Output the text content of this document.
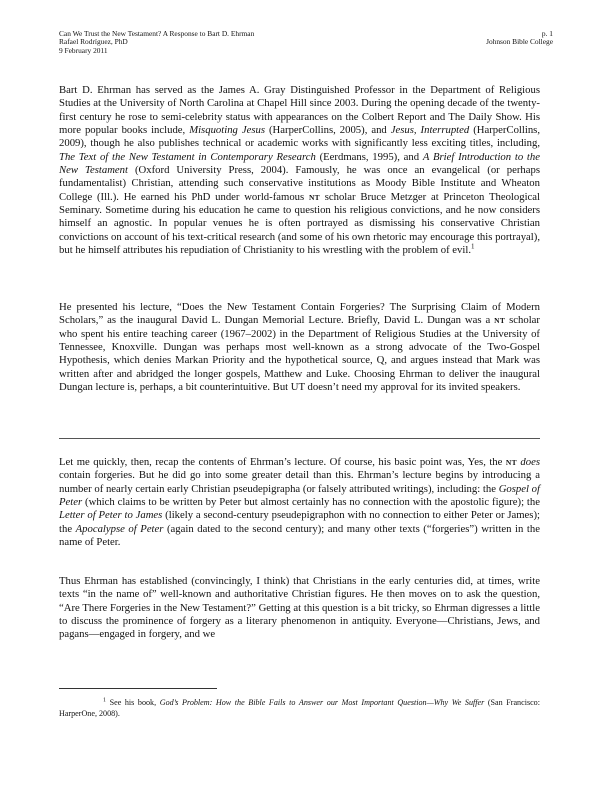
Can We Trust the New Testament? A Response to Bart D. Ehrman
Rafael Rodríguez, PhD
9 February 2011
p. 1
Johnson Bible College

Bart D. Ehrman has served as the James A. Gray Distinguished Professor in the Department of Religious Studies at the University of North Carolina at Chapel Hill since 2003. During the opening decade of the twenty-first century he rose to semi-celebrity status with appearances on the Colbert Report and The Daily Show. His more popular books include, Misquoting Jesus (HarperCollins, 2005), and Jesus, Interrupted (HarperCollins, 2009), though he also publishes technical or academic works with significantly less exciting titles, including, The Text of the New Testament in Contemporary Research (Eerdmans, 1995), and A Brief Introduction to the New Testament (Oxford University Press, 2004). Famously, he was once an evangelical (or perhaps fundamentalist) Christian, attending such conservative institutions as Moody Bible Institute and Wheaton College (Ill.). He earned his PhD under world-famous NT scholar Bruce Metzger at Princeton Theological Seminary. Sometime during his education he came to question his religious convictions, and he now considers himself an agnostic. In popular venues he is often portrayed as dismissing his conservative Christian convictions on account of his text-critical research (and some of his own rhetoric may encourage this portrayal), but he himself attributes his repudiation of Christianity to his wrestling with the problem of evil.$^1$

He presented his lecture, “Does the New Testament Contain Forgeries? The Surprising Claim of Modern Scholars,” as the inaugural David L. Dungan Memorial Lecture. Briefly, David L. Dungan was a NT scholar who spent his entire teaching career (1967–2002) in the Department of Religious Studies at the University of Tennessee, Knoxville. Dungan was perhaps most well-known as a strong advocate of the Two-Gospel Hypothesis, which denies Markan Priority and the hypothetical source, Q, and argues instead that Mark was written after and abridged the longer gospels, Matthew and Luke. Choosing Ehrman to deliver the inaugural Dungan lecture is, perhaps, a bit counterintuitive. But UT doesn’t need my approval for its invited speakers.

Let me quickly, then, recap the contents of Ehrman’s lecture. Of course, his basic point was, Yes, the NT does contain forgeries. But he did go into some greater detail than this. Ehrman’s lecture begins by introducing a number of nearly certain early Christian pseudepigrapha (or falsely attributed writings), including: the Gospel of Peter (which claims to be written by Peter but almost certainly has no connection with the apostolic figure); the Letter of Peter to James (likely a second-century pseudepigraphon with no connection to either Peter or James); the Apocalypse of Peter (again dated to the second century); and many other texts (“forgeries”) written in the name of Peter.

Thus Ehrman has established (convincingly, I think) that Christians in the early centuries did, at times, write texts “in the name of” well-known and authoritative Christian figures. He then moves on to ask the question, “Are There Forgeries in the New Testament?” Getting at this question is a bit tricky, so Ehrman digresses a little to discuss the prominence of forgery as a literary phenomenon in antiquity. Everyone—Christians, Jews, and pagans—engaged in forgery, and we

$^1$ See his book, God’s Problem: How the Bible Fails to Answer our Most Important Question—Why We Suffer (San Francisco: HarperOne, 2008).
